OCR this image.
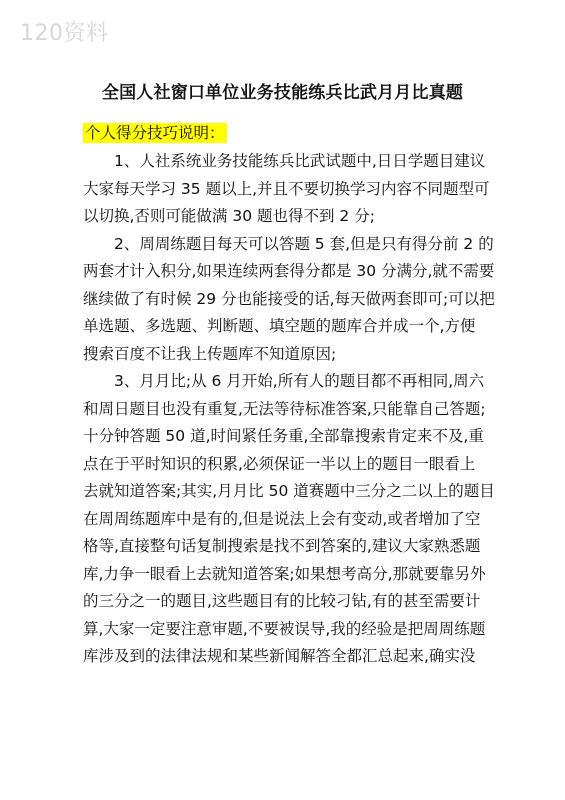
120资料
全国人社窗口单位业务技能练兵比武月月比真题
个人得分技巧说明：
1、人社系统业务技能练兵比武试题中,日日学题目建议
大家每天学习 35 题以上,并且不要切换学习内容不同题型可
以切换,否则可能做满 30 题也得不到 2 分;
2、周周练题目每天可以答题 5 套,但是只有得分前 2 的
两套才计入积分,如果连续两套得分都是 30 分满分,就不需要
继续做了有时候 29 分也能接受的话,每天做两套即可;可以把
单选题、多选题、判断题、填空题的题库合并成一个,方便
搜索百度不让我上传题库不知道原因;
3、月月比;从 6 月开始,所有人的题目都不再相同,周六
和周日题目也没有重复,无法等待标准答案,只能靠自己答题;
十分钟答题 50 道,时间紧任务重,全部靠搜索肯定来不及,重
点在于平时知识的积累,必须保证一半以上的题目一眼看上
去就知道答案;其实,月月比 50 道赛题中三分之二以上的题目
在周周练题库中是有的,但是说法上会有变动,或者增加了空
格等,直接整句话复制搜索是找不到答案的,建议大家熟悉题
库,力争一眼看上去就知道答案;如果想考高分,那就要靠另外
的三分之一的题目,这些题目有的比较刁钻,有的甚至需要计
算,大家一定要注意审题,不要被误导,我的经验是把周周练题
库涉及到的法律法规和某些新闻解答全都汇总起来,确实没
